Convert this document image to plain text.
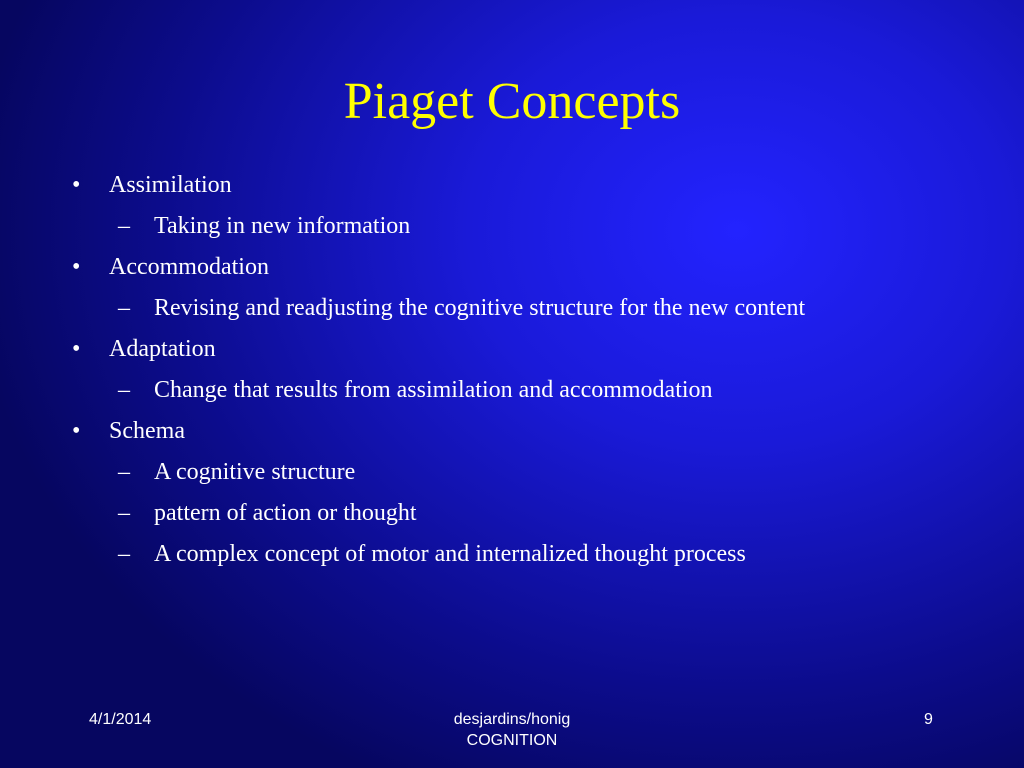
Piaget Concepts
• Assimilation
– Taking in new information
• Accommodation
– Revising and readjusting the cognitive structure for the new content
• Adaptation
– Change that results from assimilation and accommodation
• Schema
– A cognitive structure
– pattern of action or thought
– A complex concept of motor and internalized thought process
4/1/2014	desjardins/honig
COGNITION
9
